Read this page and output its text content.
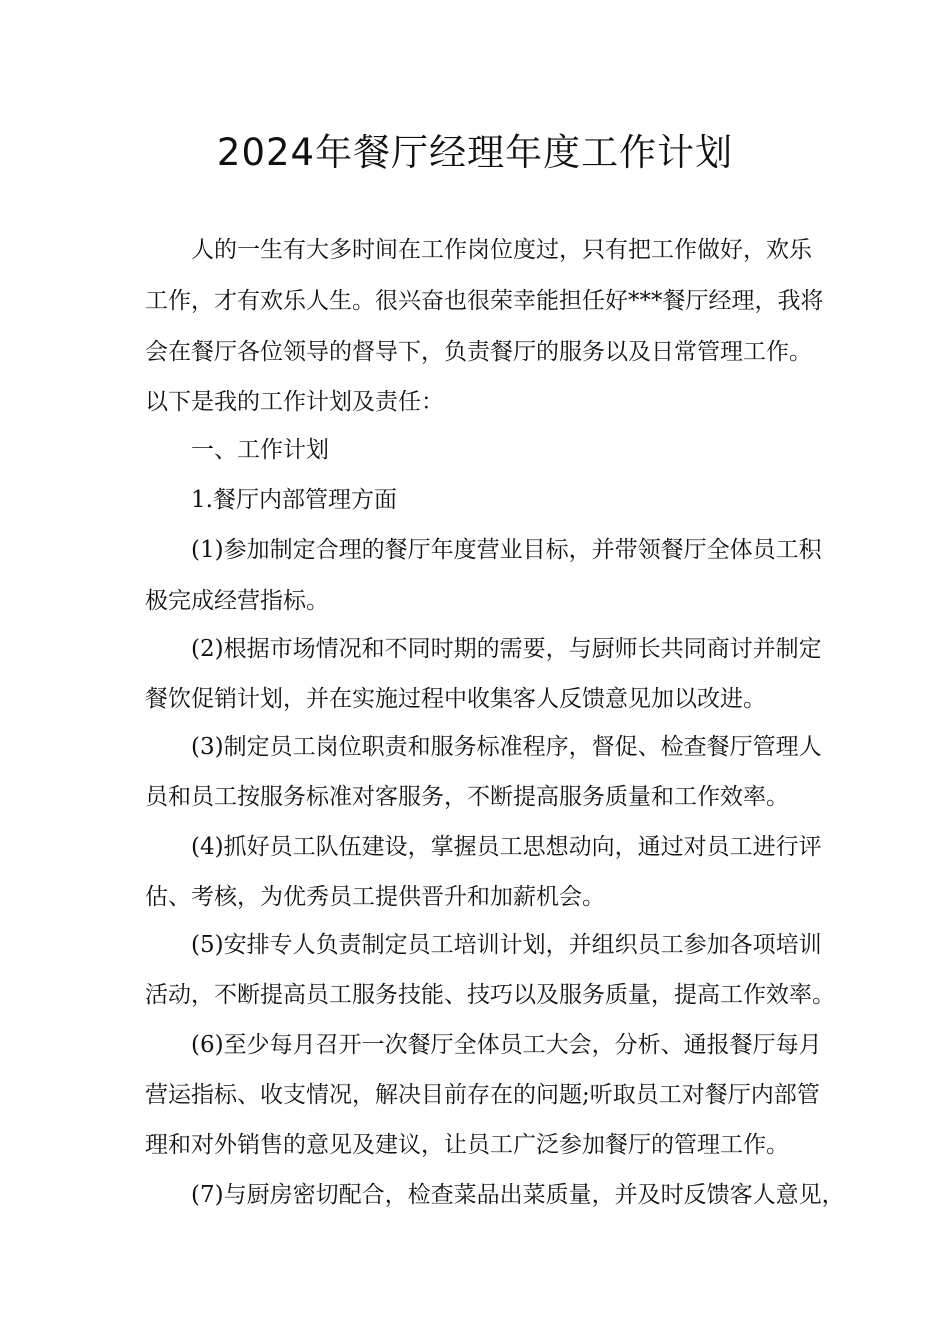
2024年餐厅经理年度工作计划

　　人的一生有大多时间在工作岗位度过，只有把工作做好，欢乐

工作，才有欢乐人生。很兴奋也很荣幸能担任好***餐厅经理，我将

会在餐厅各位领导的督导下，负责餐厅的服务以及日常管理工作。

以下是我的工作计划及责任：

　　一、工作计划

　　1.餐厅内部管理方面

　　(1)参加制定合理的餐厅年度营业目标，并带领餐厅全体员工积

极完成经营指标。

　　(2)根据市场情况和不同时期的需要，与厨师长共同商讨并制定

餐饮促销计划，并在实施过程中收集客人反馈意见加以改进。

　　(3)制定员工岗位职责和服务标准程序，督促、检查餐厅管理人

员和员工按服务标准对客服务，不断提高服务质量和工作效率。

　　(4)抓好员工队伍建设，掌握员工思想动向，通过对员工进行评

估、考核，为优秀员工提供晋升和加薪机会。

　　(5)安排专人负责制定员工培训计划，并组织员工参加各项培训

活动，不断提高员工服务技能、技巧以及服务质量，提高工作效率。

　　(6)至少每月召开一次餐厅全体员工大会，分析、通报餐厅每月

营运指标、收支情况，解决目前存在的问题;听取员工对餐厅内部管

理和对外销售的意见及建议，让员工广泛参加餐厅的管理工作。

　　(7)与厨房密切配合，检查菜品出菜质量，并及时反馈客人意见，
